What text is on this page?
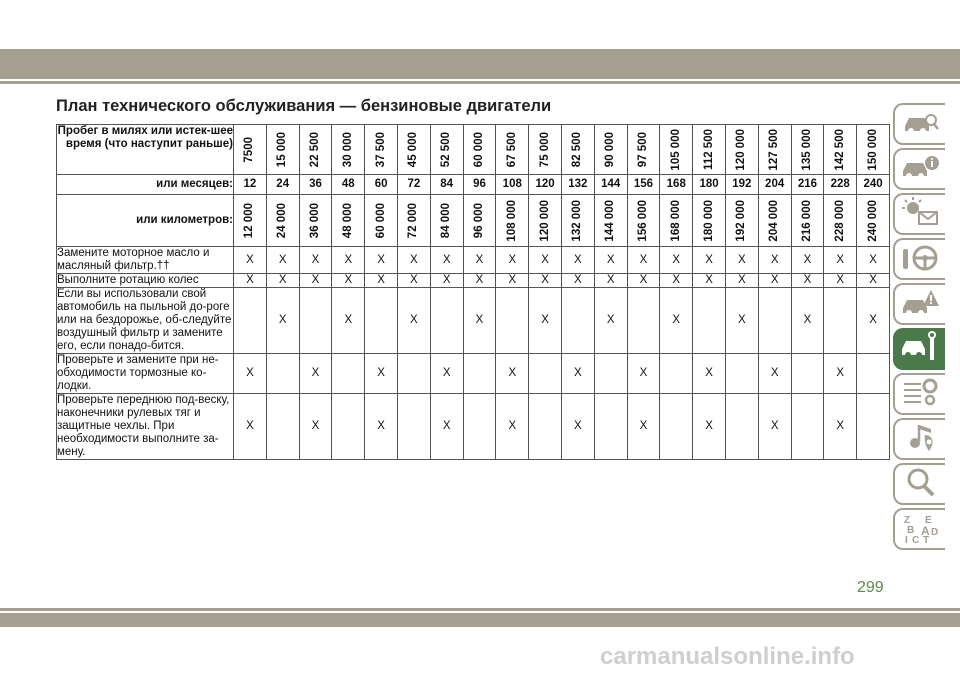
План технического обслуживания — бензиновые двигатели
Пробег в милях или истек-шее время (что наступит раньше)	7500	15 000	22 500	30 000	37 500	45 000	52 500	60 000	67 500	75 000	82 500	90 000	97 500	105 000	112 500	120 000	127 500	135 000	142 500	150 000

или месяцев:	12	24	36	48	60	72	84	96	108	120	132	144	156	168	180	192	204	216	228	240
или километров:	12 000	24 000	36 000	48 000	60 000	72 000	84 000	96 000	108 000	120 000	132 000	144 000	156 000	168 000	180 000	192 000	204 000	216 000	228 000	240 000

Замените моторное масло и масляный фильтр.††	X	X	X	X	X	X	X	X	X	X	X	X	X	X	X	X	X	X	X	X
Выполните ротацию колес	X	X	X	X	X	X	X	X	X	X	X	X	X	X	X	X	X	X	X	X
Если вы использовали свой автомобиль на пыльной до-роге или на бездорожье, об-следуйте воздушный фильтр и замените его, если понадо-бится.		X		X		X		X		X		X		X		X		X		X
Проверьте и замените при не-обходимости тормозные ко-лодки.	X		X		X		X		X		X		X		X		X		X	
Проверьте переднюю под-веску, наконечники рулевых тяг и защитные чехлы. При необходимости выполните за-мену.	X		X		X		X		X		X		X		X		X		X	
Z E
B A D
I C T
299
carmanualsonline.info
